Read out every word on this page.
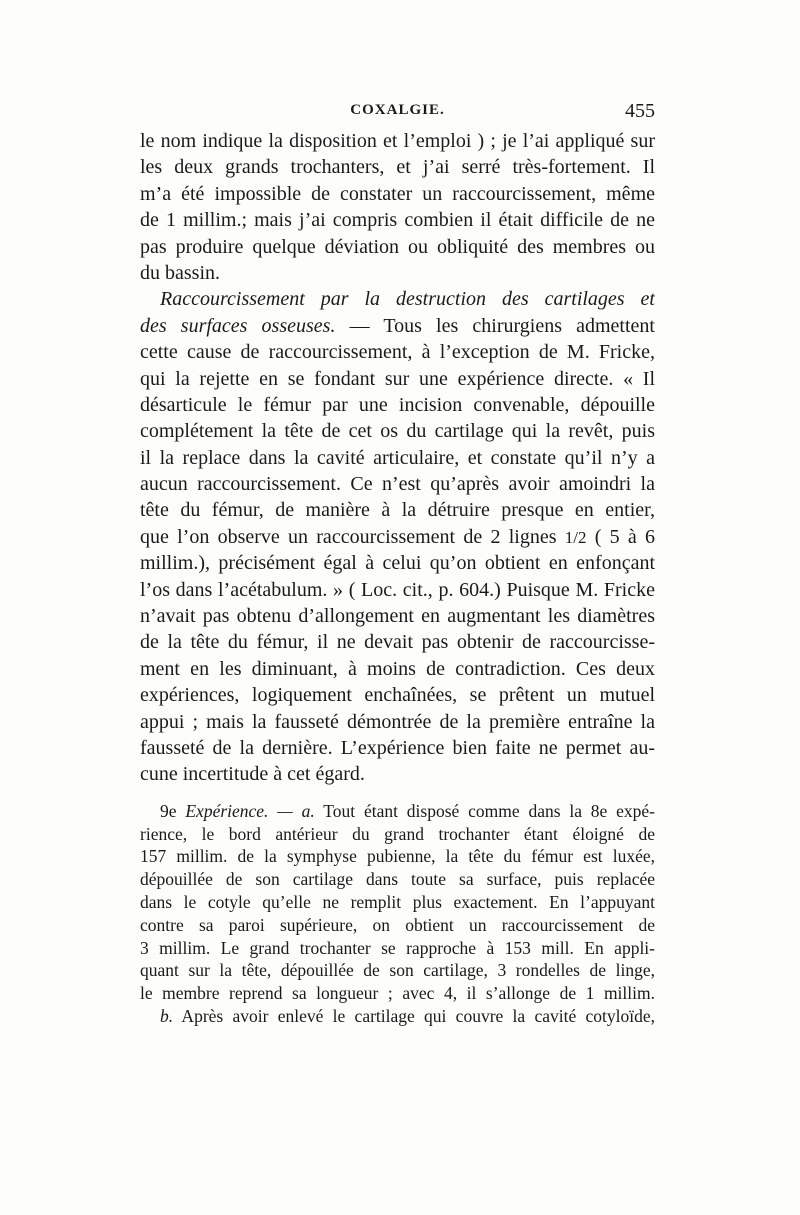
COXALGIE.	455
le nom indique la disposition et l’emploi ) ; je l’ai appliqué sur
les deux grands trochanters, et j’ai serré très-fortement. Il
m’a été impossible de constater un raccourcissement, même
de 1 millim.; mais j’ai compris combien il était difficile de ne
pas produire quelque déviation ou obliquité des membres ou
du bassin.
Raccourcissement par la destruction des cartilages et
des surfaces osseuses. — Tous les chirurgiens admettent
cette cause de raccourcissement, à l’exception de M. Fricke,
qui la rejette en se fondant sur une expérience directe. « Il
désarticule le fémur par une incision convenable, dépouille
complétement la tête de cet os du cartilage qui la revêt, puis
il la replace dans la cavité articulaire, et constate qu’il n’y a
aucun raccourcissement. Ce n’est qu’après avoir amoindri la
tête du fémur, de manière à la détruire presque en entier,
que l’on observe un raccourcissement de 2 lignes 1/2 ( 5 à 6
millim.), précisément égal à celui qu’on obtient en enfonçant
l’os dans l’acétabulum. » ( Loc. cit., p. 604.) Puisque M. Fricke
n’avait pas obtenu d’allongement en augmentant les diamètres
de la tête du fémur, il ne devait pas obtenir de raccourcisse-
ment en les diminuant, à moins de contradiction. Ces deux
expériences, logiquement enchaînées, se prêtent un mutuel
appui ; mais la fausseté démontrée de la première entraîne la
fausseté de la dernière. L’expérience bien faite ne permet au-
cune incertitude à cet égard.
9e Expérience. — a. Tout étant disposé comme dans la 8e expé-
rience, le bord antérieur du grand trochanter étant éloigné de
157 millim. de la symphyse pubienne, la tête du fémur est luxée,
dépouillée de son cartilage dans toute sa surface, puis replacée
dans le cotyle qu’elle ne remplit plus exactement. En l’appuyant
contre sa paroi supérieure, on obtient un raccourcissement de
3 millim. Le grand trochanter se rapproche à 153 mill. En appli-
quant sur la tête, dépouillée de son cartilage, 3 rondelles de linge,
le membre reprend sa longueur ; avec 4, il s’allonge de 1 millim.
b. Après avoir enlevé le cartilage qui couvre la cavité cotyloïde,
